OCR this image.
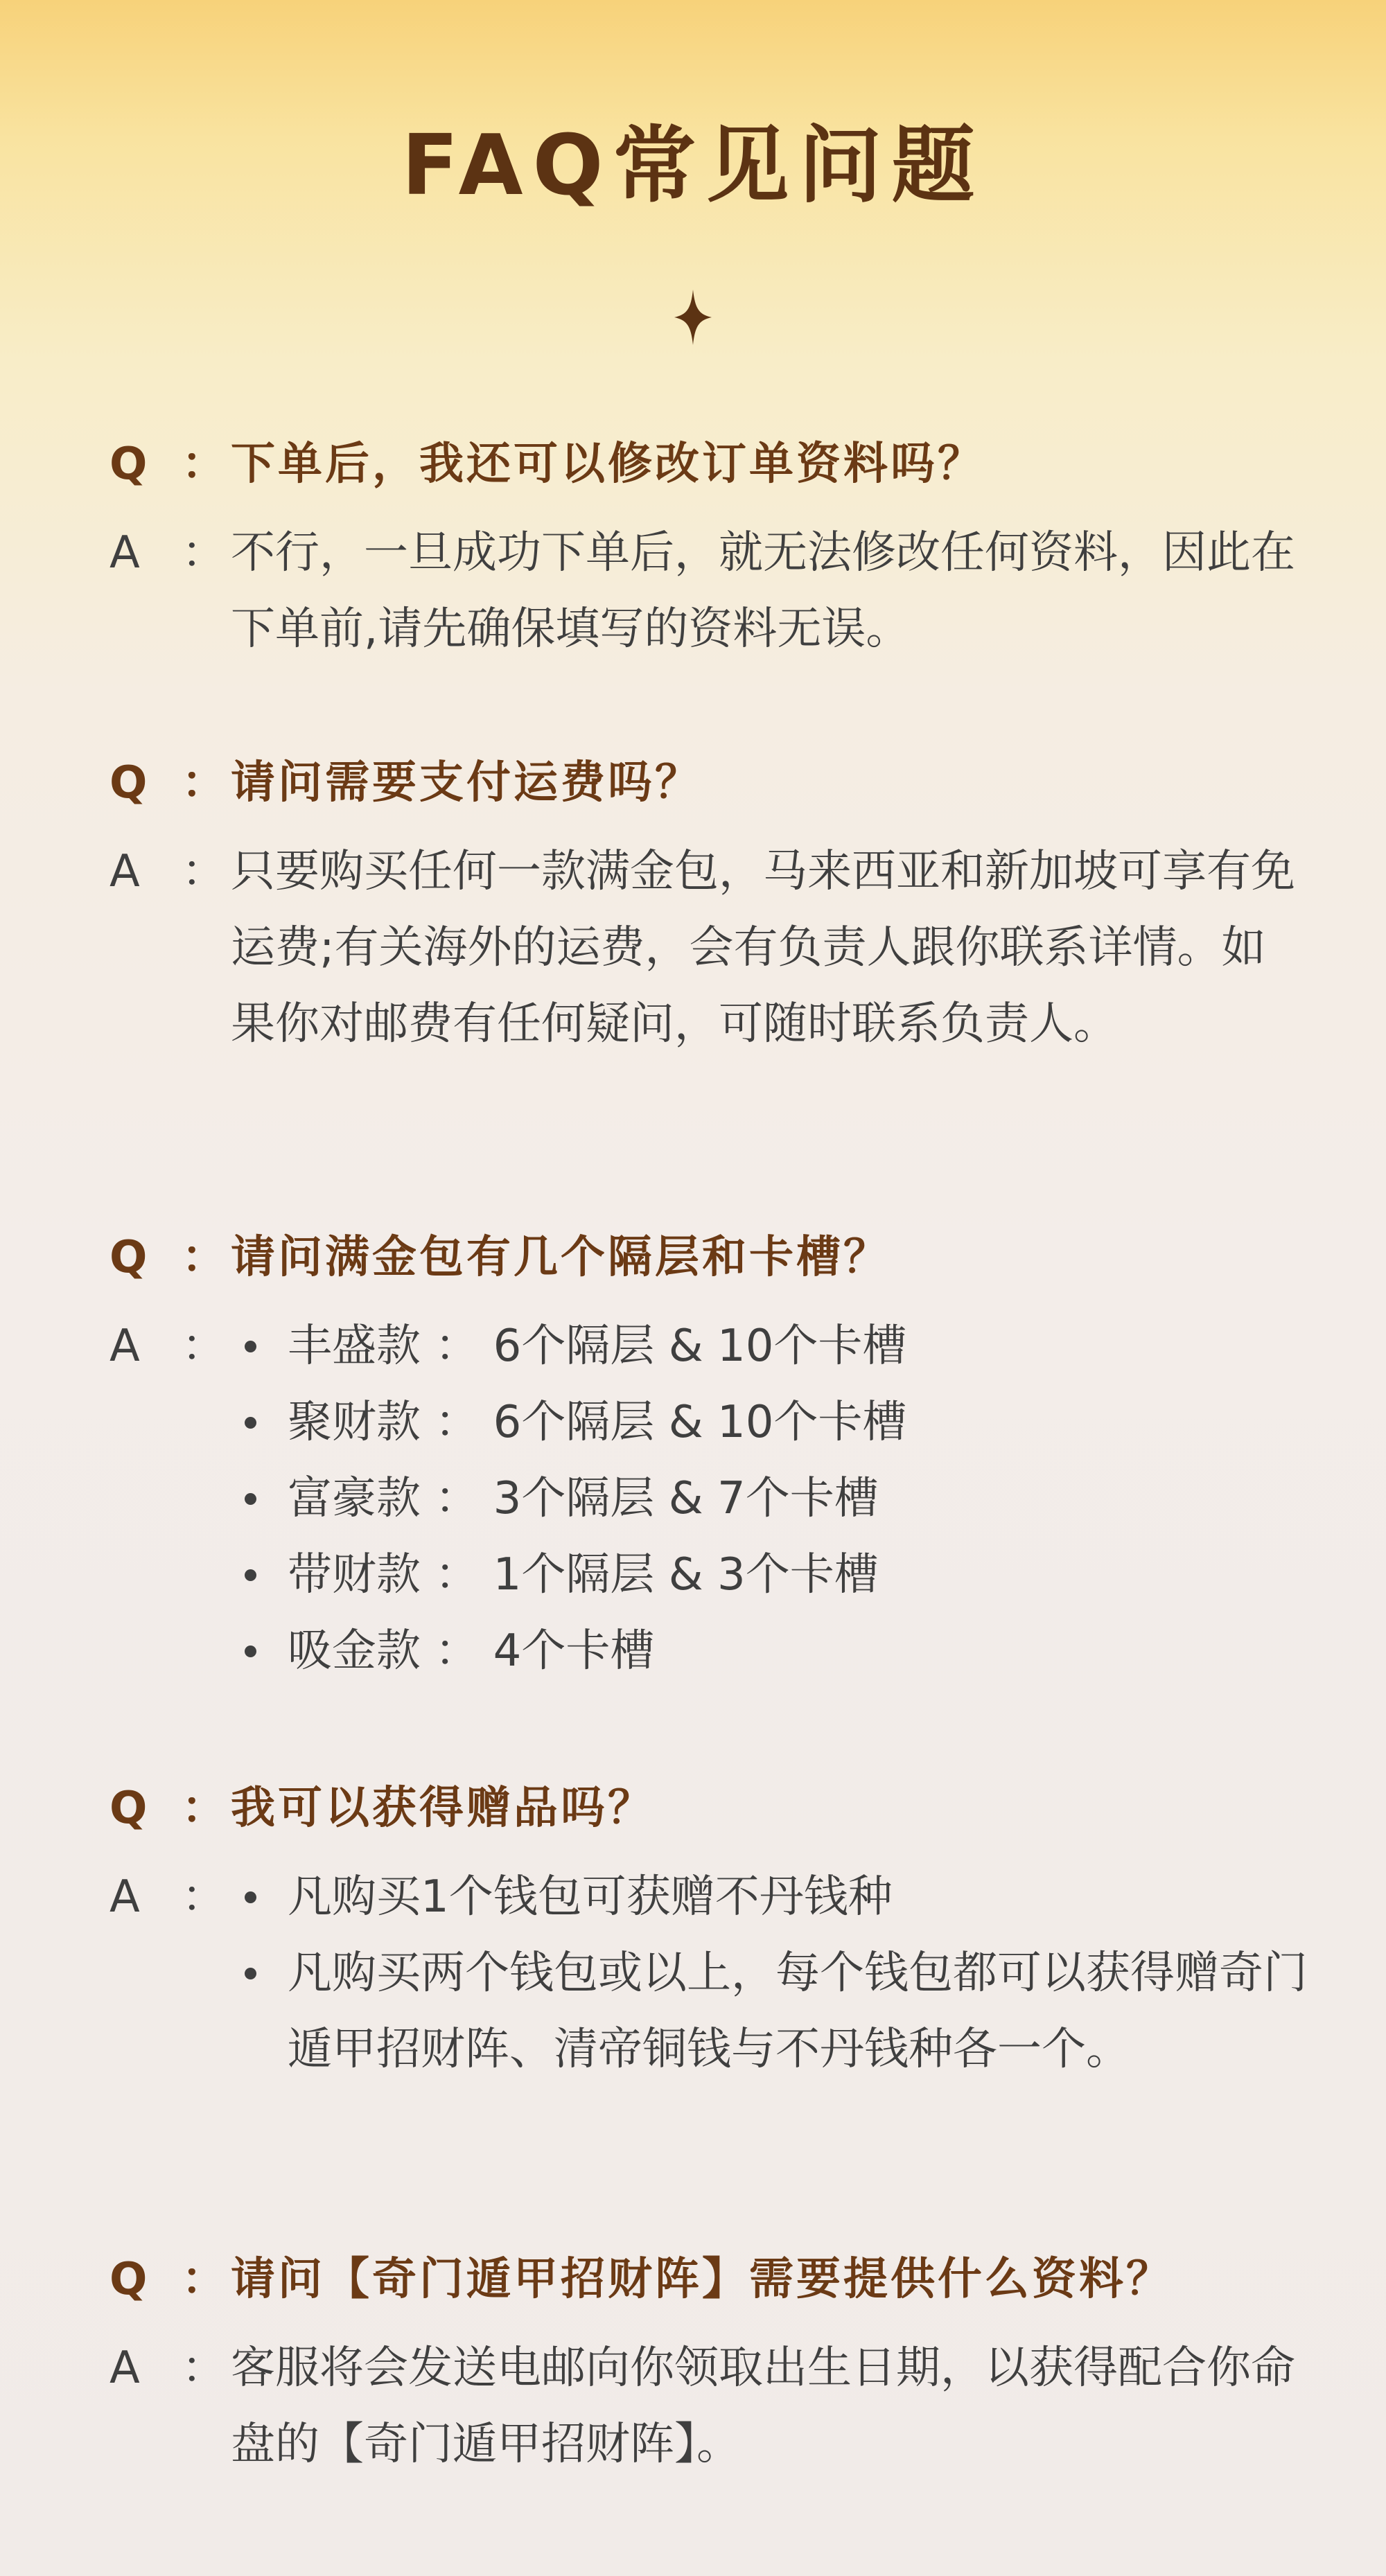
FAQ常见问题
Q ： 下单后，我还可以修改订单资料吗？
A ： 不行，一旦成功下单后，就无法修改任何资料，因此在下单前,请先确保填写的资料无误。
Q ： 请问需要支付运费吗？
A ： 只要购买任何一款满金包，马来西亚和新加坡可享有免运费;有关海外的运费，会有负责人跟你联系详情。如果你对邮费有任何疑问，可随时联系负责人。
Q ： 请问满金包有几个隔层和卡槽？
A ：	丰盛款 ： 6个隔层 & 10个卡槽
聚财款 ： 6个隔层 & 10个卡槽
富豪款 ： 3个隔层 & 7个卡槽
带财款 ： 1个隔层 & 3个卡槽
吸金款 ： 4个卡槽
Q ： 我可以获得赠品吗？
A ：	凡购买1个钱包可获赠不丹钱种
凡购买两个钱包或以上，每个钱包都可以获得赠奇门遁甲招财阵、清帝铜钱与不丹钱种各一个。
Q ： 请问【奇门遁甲招财阵】需要提供什么资料？
A ： 客服将会发送电邮向你领取出生日期，以获得配合你命盘的【奇门遁甲招财阵】。
